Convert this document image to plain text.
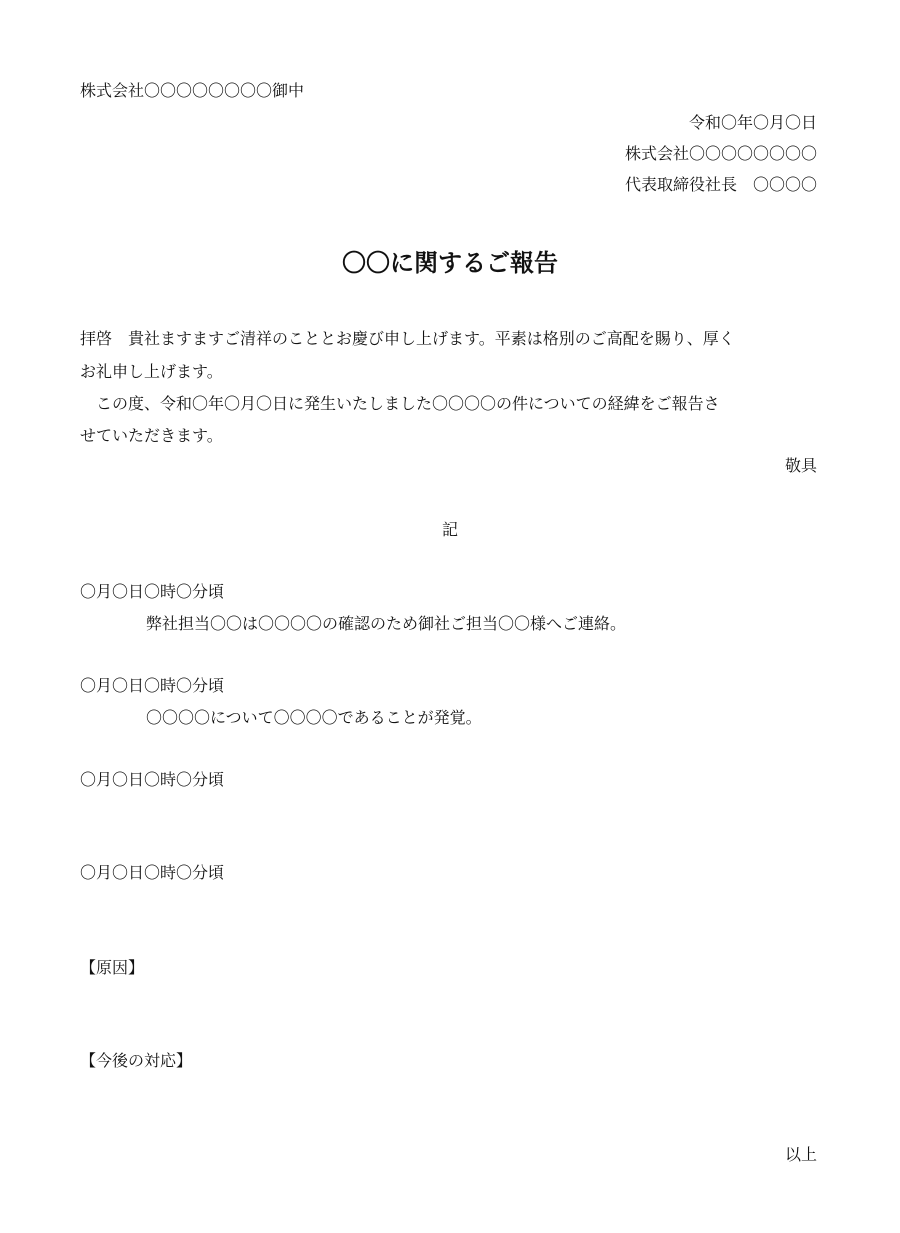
株式会社〇〇〇〇〇〇〇〇御中

令和〇年〇月〇日

株式会社〇〇〇〇〇〇〇〇

代表取締役社長　〇〇〇〇

〇〇に関するご報告

拝啓　貴社ますますご清祥のこととお慶び申し上げます。平素は格別のご高配を賜り、厚く

お礼申し上げます。

　この度、令和〇年〇月〇日に発生いたしました〇〇〇〇の件についての経緯をご報告さ

せていただきます。

敬具

記

〇月〇日〇時〇分頃

弊社担当〇〇は〇〇〇〇の確認のため御社ご担当〇〇様へご連絡。

〇月〇日〇時〇分頃

〇〇〇〇について〇〇〇〇であることが発覚。

〇月〇日〇時〇分頃

〇月〇日〇時〇分頃

【原因】

【今後の対応】

以上
